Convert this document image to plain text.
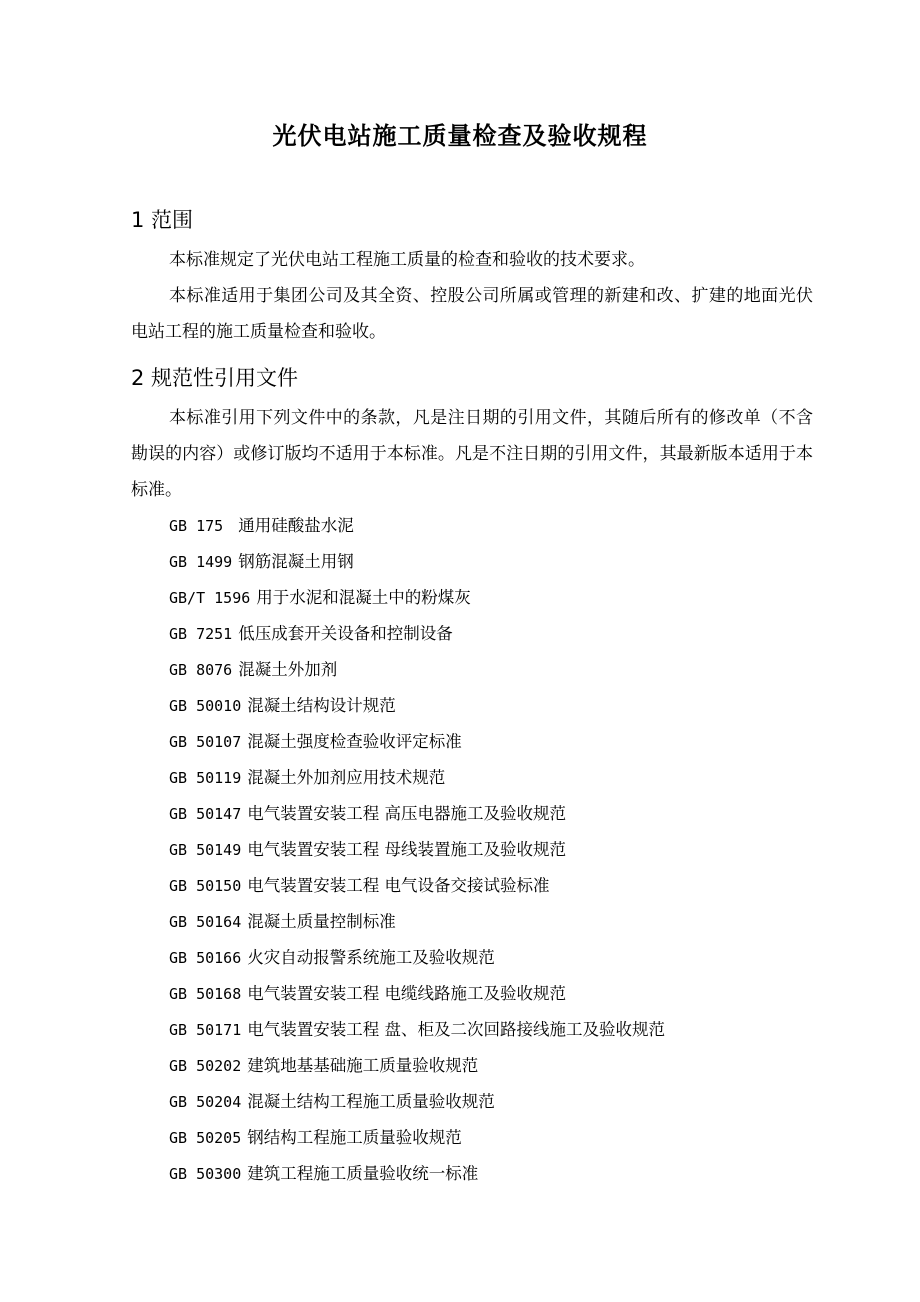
光伏电站施工质量检查及验收规程
1 范围
本标准规定了光伏电站工程施工质量的检查和验收的技术要求。
本标准适用于集团公司及其全资、控股公司所属或管理的新建和改、扩建的地面光伏电站工程的施工质量检查和验收。
2 规范性引用文件
本标准引用下列文件中的条款，凡是注日期的引用文件，其随后所有的修改单（不含勘误的内容）或修订版均不适用于本标准。凡是不注日期的引用文件，其最新版本适用于本标准。
GB 175 通用硅酸盐水泥
GB 1499 钢筋混凝土用钢
GB/T 1596 用于水泥和混凝土中的粉煤灰
GB 7251 低压成套开关设备和控制设备
GB 8076 混凝土外加剂
GB 50010 混凝土结构设计规范
GB 50107 混凝土强度检查验收评定标准
GB 50119 混凝土外加剂应用技术规范
GB 50147 电气装置安装工程 高压电器施工及验收规范
GB 50149 电气装置安装工程 母线装置施工及验收规范
GB 50150 电气装置安装工程 电气设备交接试验标准
GB 50164 混凝土质量控制标准
GB 50166 火灾自动报警系统施工及验收规范
GB 50168 电气装置安装工程 电缆线路施工及验收规范
GB 50171 电气装置安装工程 盘、柜及二次回路接线施工及验收规范
GB 50202 建筑地基基础施工质量验收规范
GB 50204 混凝土结构工程施工质量验收规范
GB 50205 钢结构工程施工质量验收规范
GB 50300 建筑工程施工质量验收统一标准
